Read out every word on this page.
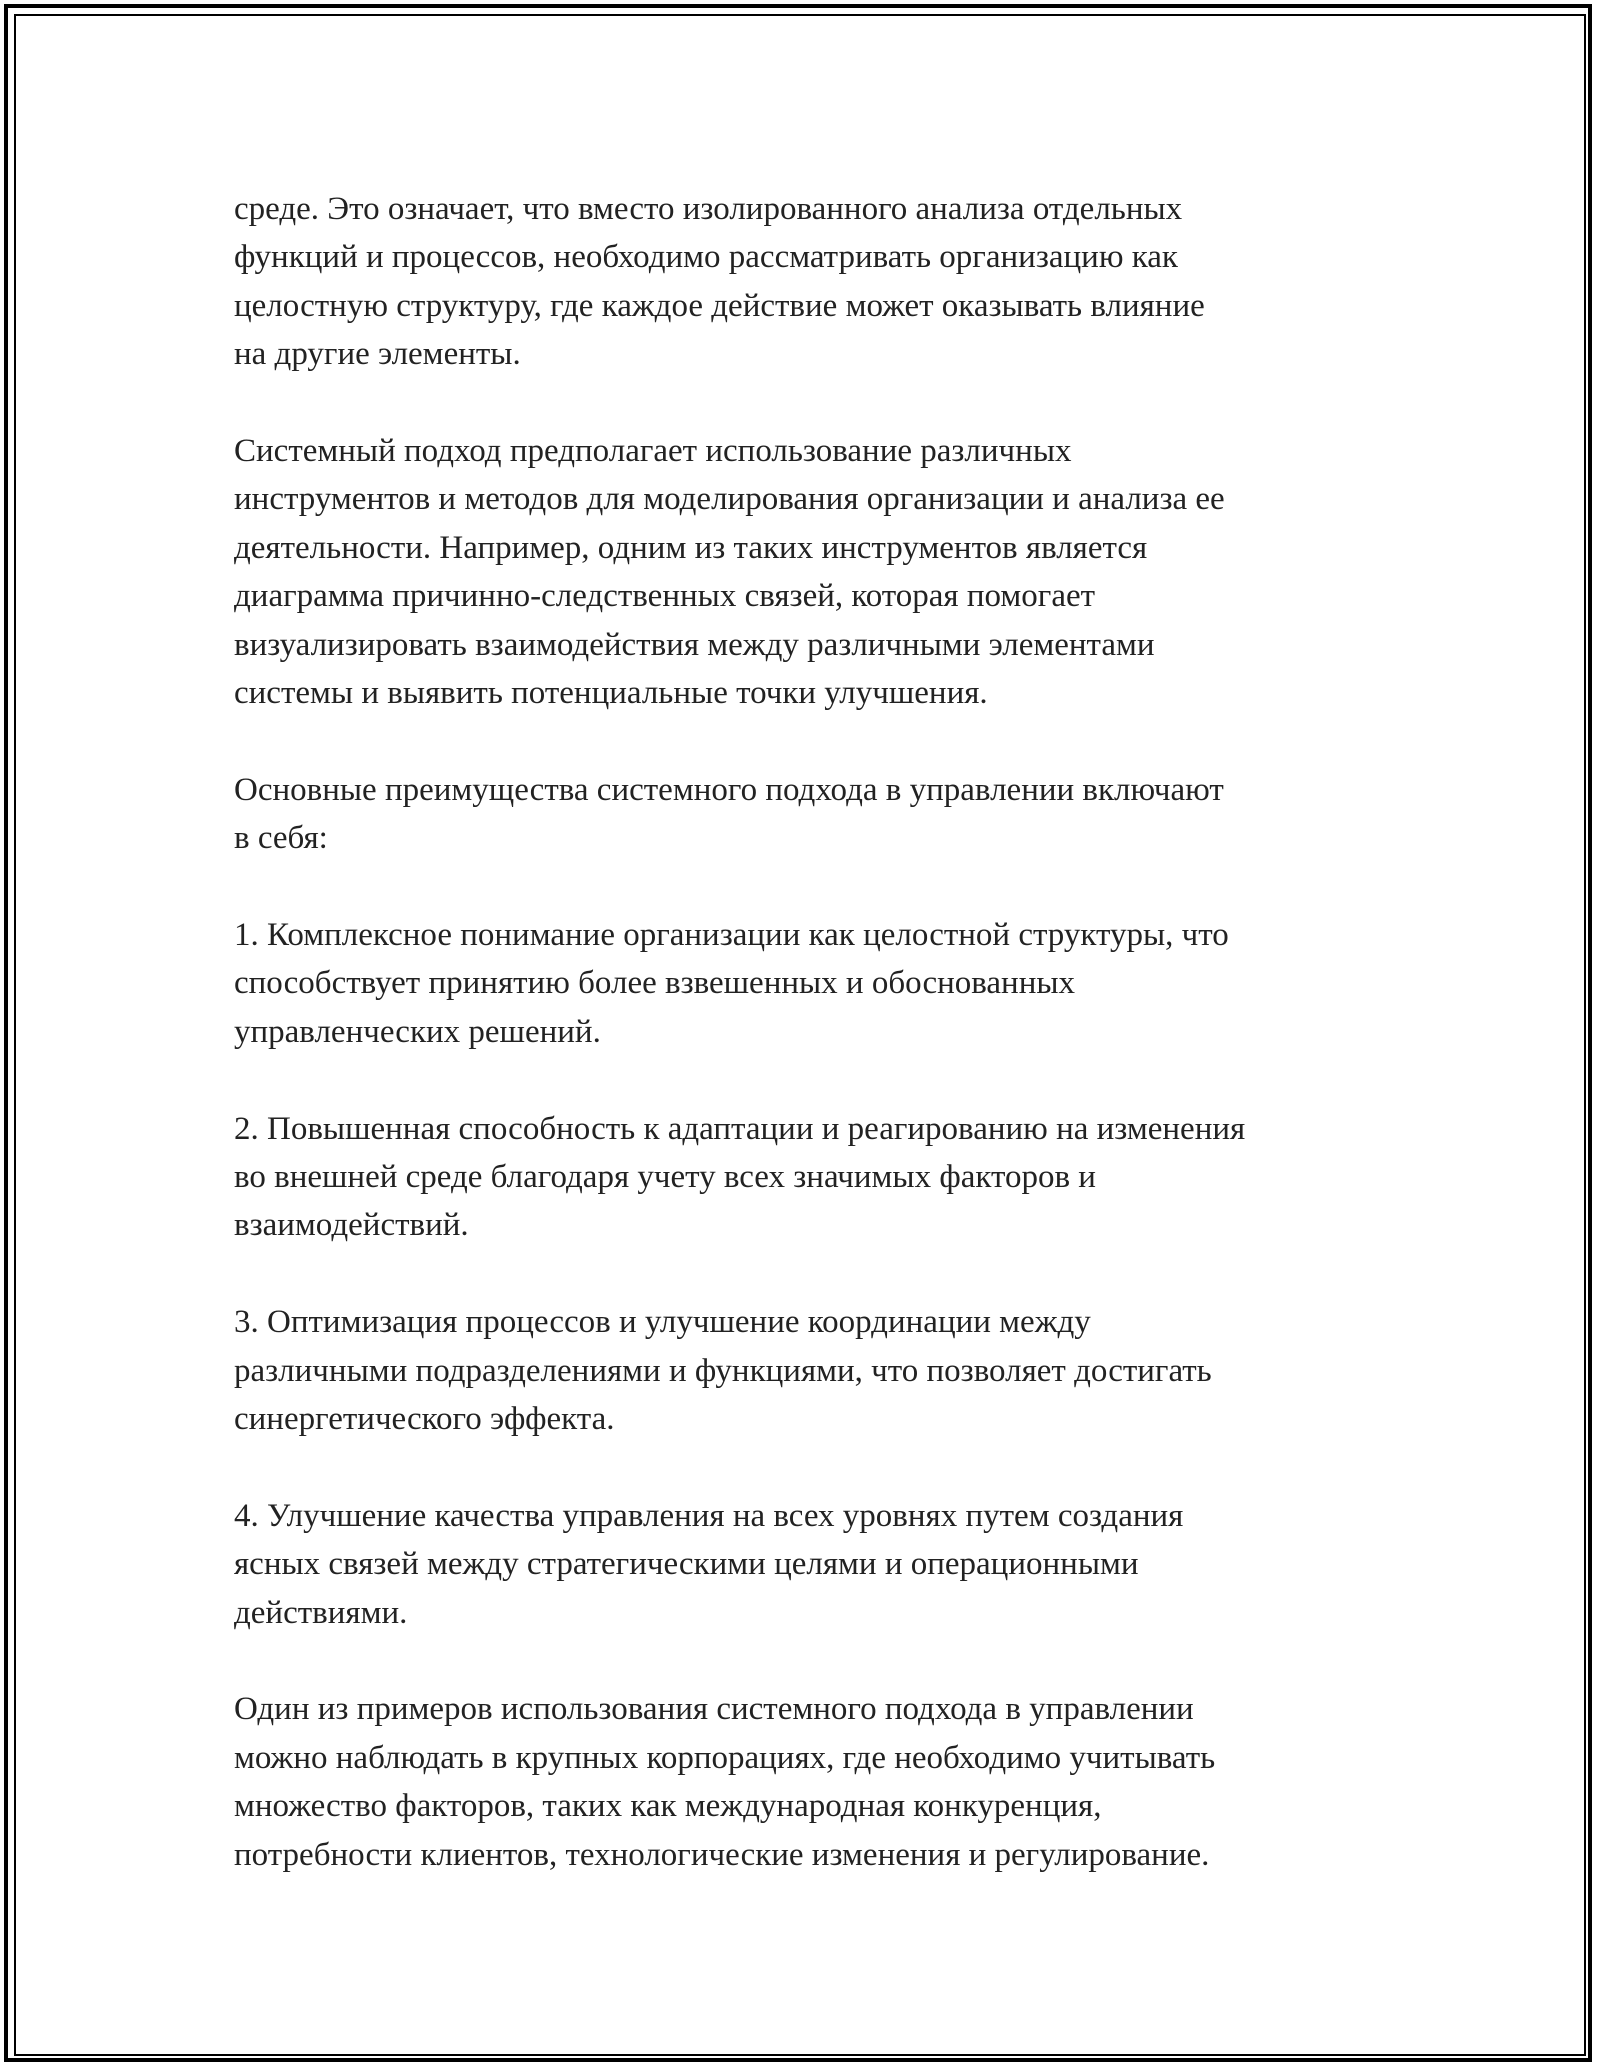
среде. Это означает, что вместо изолированного анализа отдельных
функций и процессов, необходимо рассматривать организацию как
целостную структуру, где каждое действие может оказывать влияние
на другие элементы.

Системный подход предполагает использование различных
инструментов и методов для моделирования организации и анализа ее
деятельности. Например, одним из таких инструментов является
диаграмма причинно-следственных связей, которая помогает
визуализировать взаимодействия между различными элементами
системы и выявить потенциальные точки улучшения.

Основные преимущества системного подхода в управлении включают
в себя:

1. Комплексное понимание организации как целостной структуры, что
способствует принятию более взвешенных и обоснованных
управленческих решений.

2. Повышенная способность к адаптации и реагированию на изменения
во внешней среде благодаря учету всех значимых факторов и
взаимодействий.

3. Оптимизация процессов и улучшение координации между
различными подразделениями и функциями, что позволяет достигать
синергетического эффекта.

4. Улучшение качества управления на всех уровнях путем создания
ясных связей между стратегическими целями и операционными
действиями.

Один из примеров использования системного подхода в управлении
можно наблюдать в крупных корпорациях, где необходимо учитывать
множество факторов, таких как международная конкуренция,
потребности клиентов, технологические изменения и регулирование.
